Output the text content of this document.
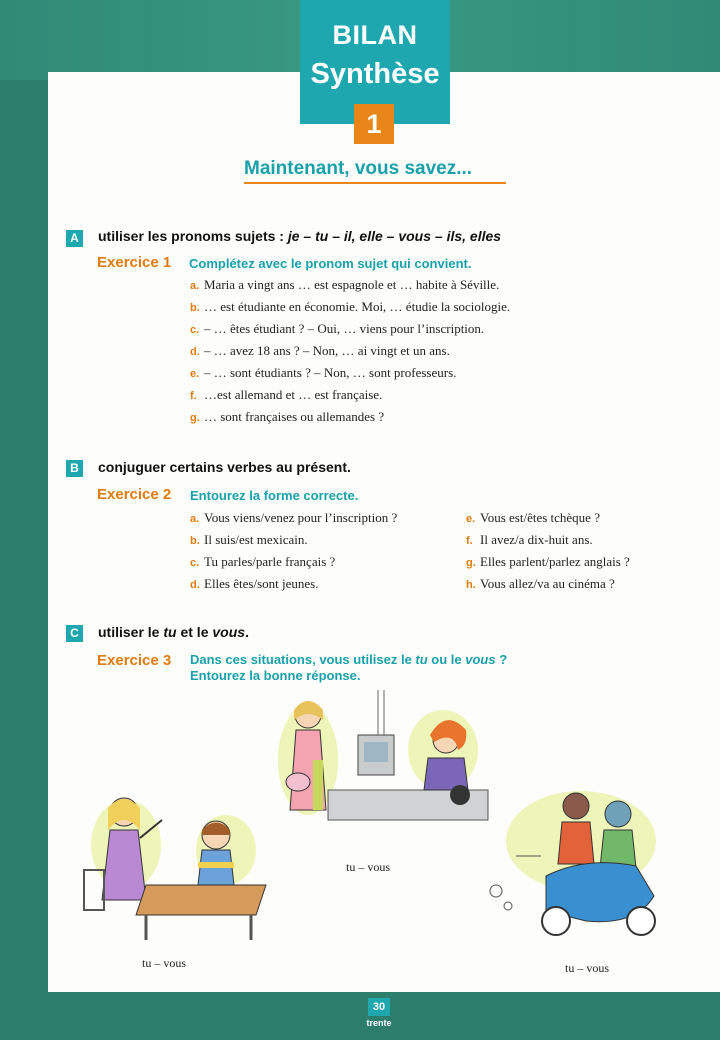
BILAN
Synthèse
1
Maintenant, vous savez...
A utiliser les pronoms sujets : je – tu – il, elle – vous – ils, elles
Exercice 1 Complétez avec le pronom sujet qui convient.
a. Maria a vingt ans … est espagnole et … habite à Séville.
b. … est étudiante en économie. Moi, … étudie la sociologie.
c. – … êtes étudiant ? – Oui, … viens pour l’inscription.
d. – … avez 18 ans ? – Non, … ai vingt et un ans.
e. – … sont étudiants ? – Non, … sont professeurs.
f. …est allemand et … est française.
g. … sont françaises ou allemandes ?
B conjuguer certains verbes au présent.
Exercice 2 Entourez la forme correcte.
a. Vous viens/venez pour l’inscription ?
b. Il suis/est mexicain.
c. Tu parles/parle français ?
d. Elles êtes/sont jeunes.
e. Vous est/êtes tchèque ?
f. Il avez/a dix-huit ans.
g. Elles parlent/parlez anglais ?
h. Vous allez/va au cinéma ?
C utiliser le tu et le vous.
Exercice 3 Dans ces situations, vous utilisez le tu ou le vous ?
Entourez la bonne réponse.
tu – vous
tu – vous	tu – vous
30
trente
